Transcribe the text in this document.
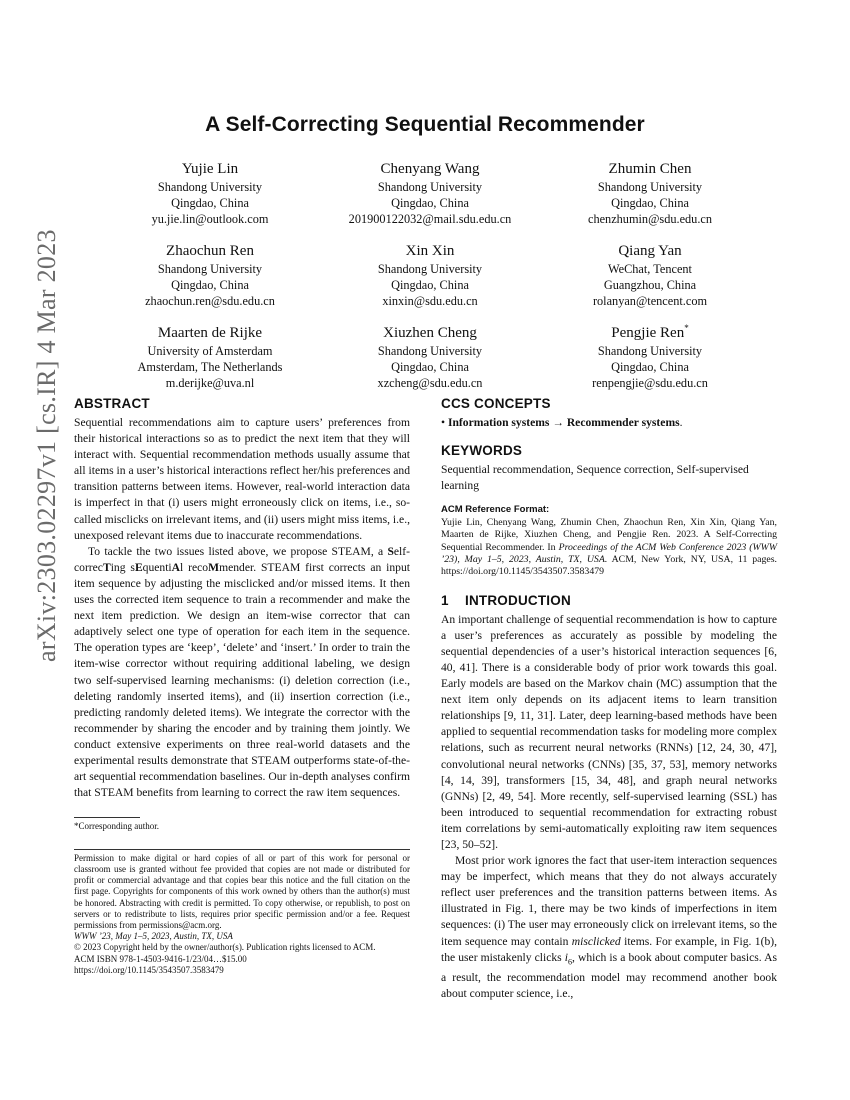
arXiv:2303.02297v1 [cs.IR] 4 Mar 2023
A Self-Correcting Sequential Recommender
Yujie Lin
Shandong University
Qingdao, China
yu.jie.lin@outlook.com
Chenyang Wang
Shandong University
Qingdao, China
201900122032@mail.sdu.edu.cn
Zhumin Chen
Shandong University
Qingdao, China
chenzhumin@sdu.edu.cn
Zhaochun Ren
Shandong University
Qingdao, China
zhaochun.ren@sdu.edu.cn
Xin Xin
Shandong University
Qingdao, China
xinxin@sdu.edu.cn
Qiang Yan
WeChat, Tencent
Guangzhou, China
rolanyan@tencent.com
Maarten de Rijke
University of Amsterdam
Amsterdam, The Netherlands
m.derijke@uva.nl
Xiuzhen Cheng
Shandong University
Qingdao, China
xzcheng@sdu.edu.cn
Pengjie Ren*
Shandong University
Qingdao, China
renpengjie@sdu.edu.cn
ABSTRACT

Sequential recommendations aim to capture users’ preferences from their historical interactions so as to predict the next item that they will interact with. Sequential recommendation methods usually assume that all items in a user’s historical interactions reflect her/his preferences and transition patterns between items. However, real-world interaction data is imperfect in that (i) users might erroneously click on items, i.e., so-called misclicks on irrelevant items, and (ii) users might miss items, i.e., unexposed relevant items due to inaccurate recommendations.

To tackle the two issues listed above, we propose STEAM, a Self-correcTing sEquentiAl recoMmender. STEAM first corrects an input item sequence by adjusting the misclicked and/or missed items. It then uses the corrected item sequence to train a recommender and make the next item prediction. We design an item-wise corrector that can adaptively select one type of operation for each item in the sequence. The operation types are ‘keep’, ‘delete’ and ‘insert.’ In order to train the item-wise corrector without requiring additional labeling, we design two self-supervised learning mechanisms: (i) deletion correction (i.e., deleting randomly inserted items), and (ii) insertion correction (i.e., predicting randomly deleted items). We integrate the corrector with the recommender by sharing the encoder and by training them jointly. We conduct extensive experiments on three real-world datasets and the experimental results demonstrate that STEAM outperforms state-of-the-art sequential recommendation baselines. Our in-depth analyses confirm that STEAM benefits from learning to correct the raw item sequences.

*Corresponding author.
Permission to make digital or hard copies of all or part of this work for personal or classroom use is granted without fee provided that copies are not made or distributed for profit or commercial advantage and that copies bear this notice and the full citation on the first page. Copyrights for components of this work owned by others than the author(s) must be honored. Abstracting with credit is permitted. To copy otherwise, or republish, to post on servers or to redistribute to lists, requires prior specific permission and/or a fee. Request permissions from permissions@acm.org.
WWW ’23, May 1–5, 2023, Austin, TX, USA
© 2023 Copyright held by the owner/author(s). Publication rights licensed to ACM.
ACM ISBN 978-1-4503-9416-1/23/04…$15.00
https://doi.org/10.1145/3543507.3583479
CCS CONCEPTS
• Information systems → Recommender systems.
KEYWORDS

Sequential recommendation, Sequence correction, Self-supervised learning

ACM Reference Format:

Yujie Lin, Chenyang Wang, Zhumin Chen, Zhaochun Ren, Xin Xin, Qiang Yan, Maarten de Rijke, Xiuzhen Cheng, and Pengjie Ren. 2023. A Self-Correcting Sequential Recommender. In Proceedings of the ACM Web Conference 2023 (WWW ’23), May 1–5, 2023, Austin, TX, USA. ACM, New York, NY, USA, 11 pages. https://doi.org/10.1145/3543507.3583479

1 INTRODUCTION

An important challenge of sequential recommendation is how to capture a user’s preferences as accurately as possible by modeling the sequential dependencies of a user’s historical interaction sequences [6, 40, 41]. There is a considerable body of prior work towards this goal. Early models are based on the Markov chain (MC) assumption that the next item only depends on its adjacent items to learn transition relationships [9, 11, 31]. Later, deep learning-based methods have been applied to sequential recommendation tasks for modeling more complex relations, such as recurrent neural networks (RNNs) [12, 24, 30, 47], convolutional neural networks (CNNs) [35, 37, 53], memory networks [4, 14, 39], transformers [15, 34, 48], and graph neural networks (GNNs) [2, 49, 54]. More recently, self-supervised learning (SSL) has been introduced to sequential recommendation for extracting robust item correlations by semi-automatically exploiting raw item sequences [23, 50–52].

Most prior work ignores the fact that user-item interaction sequences may be imperfect, which means that they do not always accurately reflect user preferences and the transition patterns between items. As illustrated in Fig. 1, there may be two kinds of imperfections in item sequences: (i) The user may erroneously click on irrelevant items, so the item sequence may contain misclicked items. For example, in Fig. 1(b), the user mistakenly clicks $i_6$, which is a book about computer basics. As a result, the recommendation model may recommend another book about computer science, i.e.,
